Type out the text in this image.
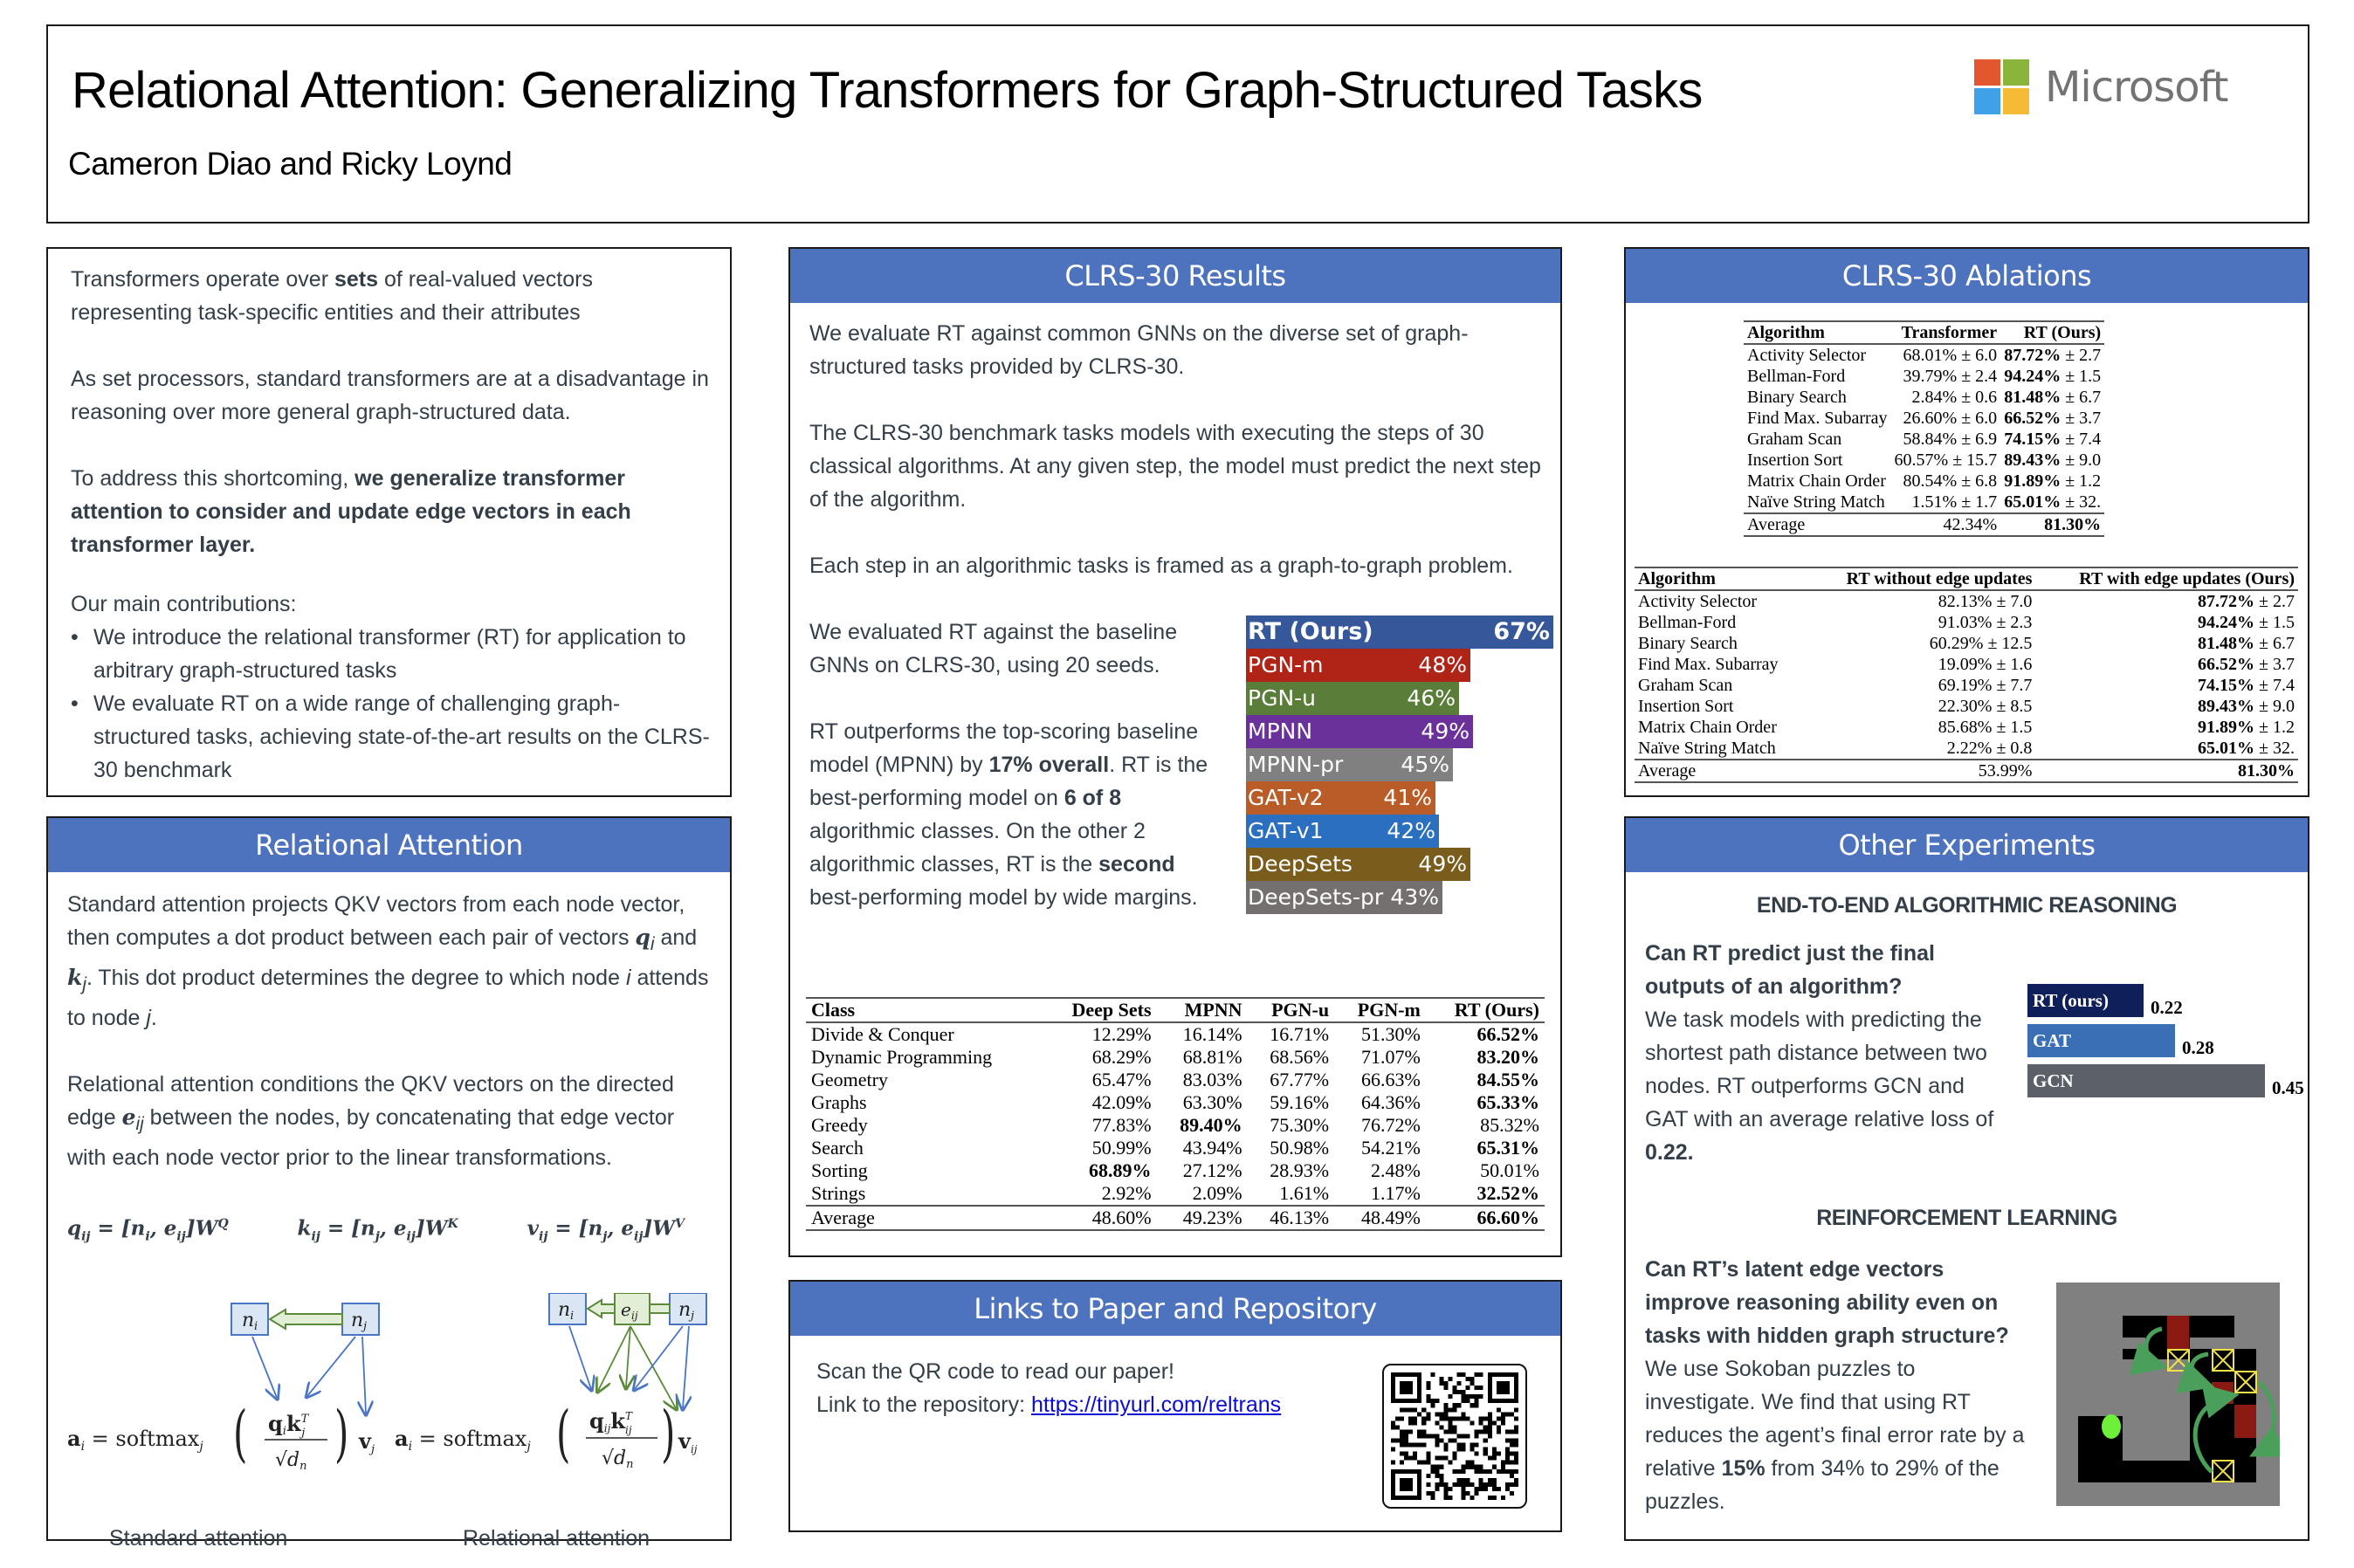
Relational Attention: Generalizing Transformers for Graph-Structured Tasks
Cameron Diao and Ricky Loynd
Microsoft

Transformers operate over sets of real-valued vectors representing task-specific entities and their attributes

As set processors, standard transformers are at a disadvantage in reasoning over more general graph-structured data.

To address this shortcoming, we generalize transformer attention to consider and update edge vectors in each transformer layer.

Our main contributions:
• We introduce the relational transformer (RT) for application to arbitrary graph-structured tasks
• We evaluate RT on a wide range of challenging graph-structured tasks, achieving state-of-the-art results on the CLRS-30 benchmark
Relational Attention

Standard attention projects QKV vectors from each node vector, then computes a dot product between each pair of vectors $q_i$ and $k_j$. This dot product determines the degree to which node i attends to node j.

Relational attention conditions the QKV vectors on the directed edge $e_{ij}$ between the nodes, by concatenating that edge vector with each node vector prior to the linear transformations.

$q_{ij} = [n_i$, $e_{ij}]W^Q$	$k_{ij} = [n_j$, $e_{ij}]W^K$	$v_{ij} = [n_j$, $e_{ij}]W^V$
n i	n j
$a_i$ = softmax$_j$ ( qik$^T$ j
√dn ) $v_j$
n i	e ij n j
$a_i$ = softmax$_j$ ( qijk$^T$ ij
√dn ) $v_{ij}$
Standard attention	Relational attention
CLRS-30 Results

We evaluate RT against common GNNs on the diverse set of graph-structured tasks provided by CLRS-30.

The CLRS-30 benchmark tasks models with executing the steps of 30 classical algorithms. At any given step, the model must predict the next step of the algorithm.

Each step in an algorithmic tasks is framed as a graph-to-graph problem.

We evaluated RT against the baseline GNNs on CLRS-30, using 20 seeds.

RT outperforms the top-scoring baseline model (MPNN) by 17% overall. RT is the best-performing model on 6 of 8 algorithmic classes. On the other 2 algorithmic classes, RT is the second best-performing model by wide margins.

RT (Ours)	67%
PGN-m	48%
PGN-u	46%
MPNN	49%
MPNN-pr	45%
GAT-v2	41%
GAT-v1	42%
DeepSets	49%
DeepSets-pr 43%
Class	Deep Sets	MPNN	PGN-u	PGN-m	RT (Ours)
Divide & Conquer	12.29%	16.14%	16.71%	51.30%	66.52%
Dynamic Programming	68.29%	68.81%	68.56%	71.07%	83.20%
Geometry	65.47%	83.03%	67.77%	66.63%	84.55%
Graphs	42.09%	63.30%	59.16%	64.36%	65.33%
Greedy	77.83%	89.40%	75.30%	76.72%	85.32%
Search	50.99%	43.94%	50.98%	54.21%	65.31%
Sorting	68.89%	27.12%	28.93%	2.48%	50.01%
Strings	2.92%	2.09%	1.61%	1.17%	32.52%
Average	48.60%	49.23%	46.13%	48.49%	66.60%
Links to Paper and Repository
Scan the QR code to read our paper!
Link to the repository: https://tinyurl.com/reltrans
CLRS-30 Ablations
Algorithm	Transformer	RT (Ours)
Activity Selector	68.01% ± 6.0	87.72% ± 2.7
Bellman-Ford	39.79% ± 2.4	94.24% ± 1.5
Binary Search	2.84% ± 0.6	81.48% ± 6.7
Find Max. Subarray	26.60% ± 6.0	66.52% ± 3.7
Graham Scan	58.84% ± 6.9	74.15% ± 7.4
Insertion Sort	60.57% ± 15.7	89.43% ± 9.0
Matrix Chain Order	80.54% ± 6.8	91.89% ± 1.2
Naïve String Match	1.51% ± 1.7	65.01% ± 32.
Average	42.34%	81.30%
Algorithm	RT without edge updates	RT with edge updates (Ours)
Activity Selector	82.13% ± 7.0	87.72% ± 2.7
Bellman-Ford	91.03% ± 2.3	94.24% ± 1.5
Binary Search	60.29% ± 12.5	81.48% ± 6.7
Find Max. Subarray	19.09% ± 1.6	66.52% ± 3.7
Graham Scan	69.19% ± 7.7	74.15% ± 7.4
Insertion Sort	22.30% ± 8.5	89.43% ± 9.0
Matrix Chain Order	85.68% ± 1.5	91.89% ± 1.2
Naïve String Match	2.22% ± 0.8	65.01% ± 32.
Average	53.99%	81.30%
Other Experiments
END-TO-END ALGORITHMIC REASONING
Can RT predict just the final outputs of an algorithm?
We task models with predicting the shortest path distance between two nodes. RT outperforms GCN and GAT with an average relative loss of 0.22.
RT (ours)	0.22
GAT	0.28
GCN	0.45
REINFORCEMENT LEARNING
Can RT’s latent edge vectors improve reasoning ability even on tasks with hidden graph structure?
We use Sokoban puzzles to investigate. We find that using RT reduces the agent’s final error rate by a relative 15% from 34% to 29% of the puzzles.
